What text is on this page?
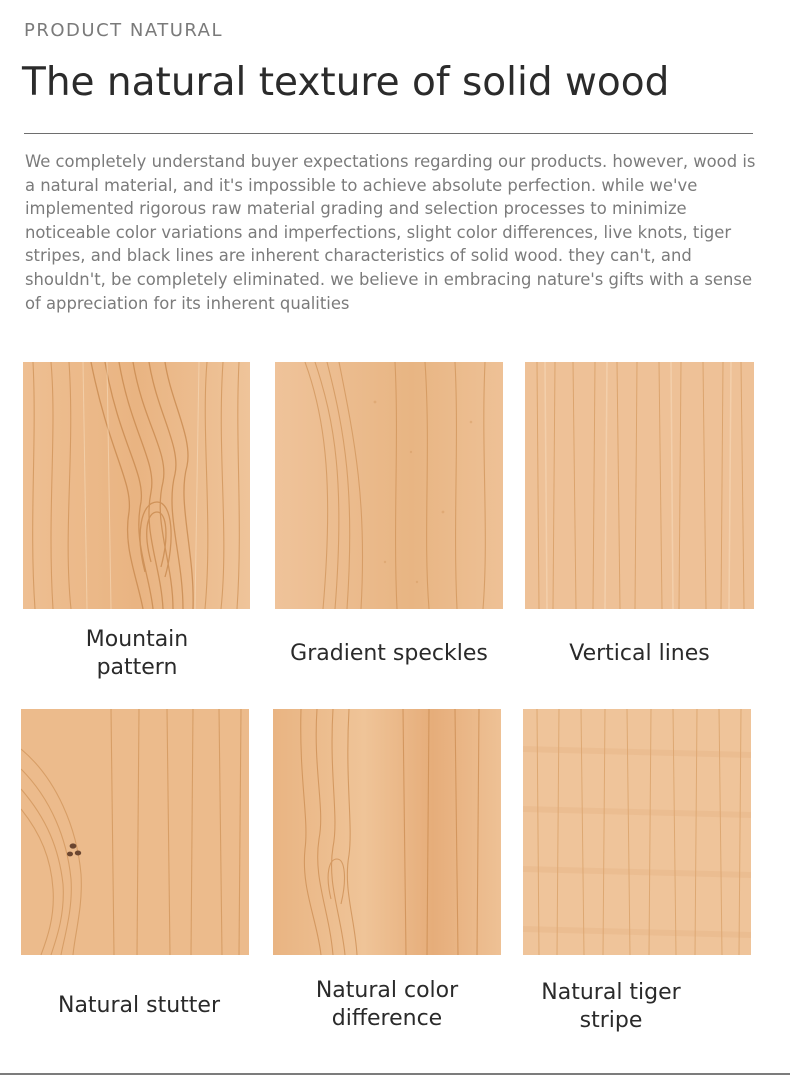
PRODUCT NATURAL
The natural texture of solid wood

We completely understand buyer expectations regarding our products. however, wood is a natural material, and it's impossible to achieve absolute perfection. while we've implemented rigorous raw material grading and selection processes to minimize noticeable color variations and imperfections, slight color differences, live knots, tiger stripes, and black lines are inherent characteristics of solid wood. they can't, and shouldn't, be completely eliminated. we believe in embracing nature's gifts with a sense of appreciation for its inherent qualities

Mountain pattern
Gradient speckles	Vertical lines
Natural stutter
Natural color difference
Natural tiger stripe
